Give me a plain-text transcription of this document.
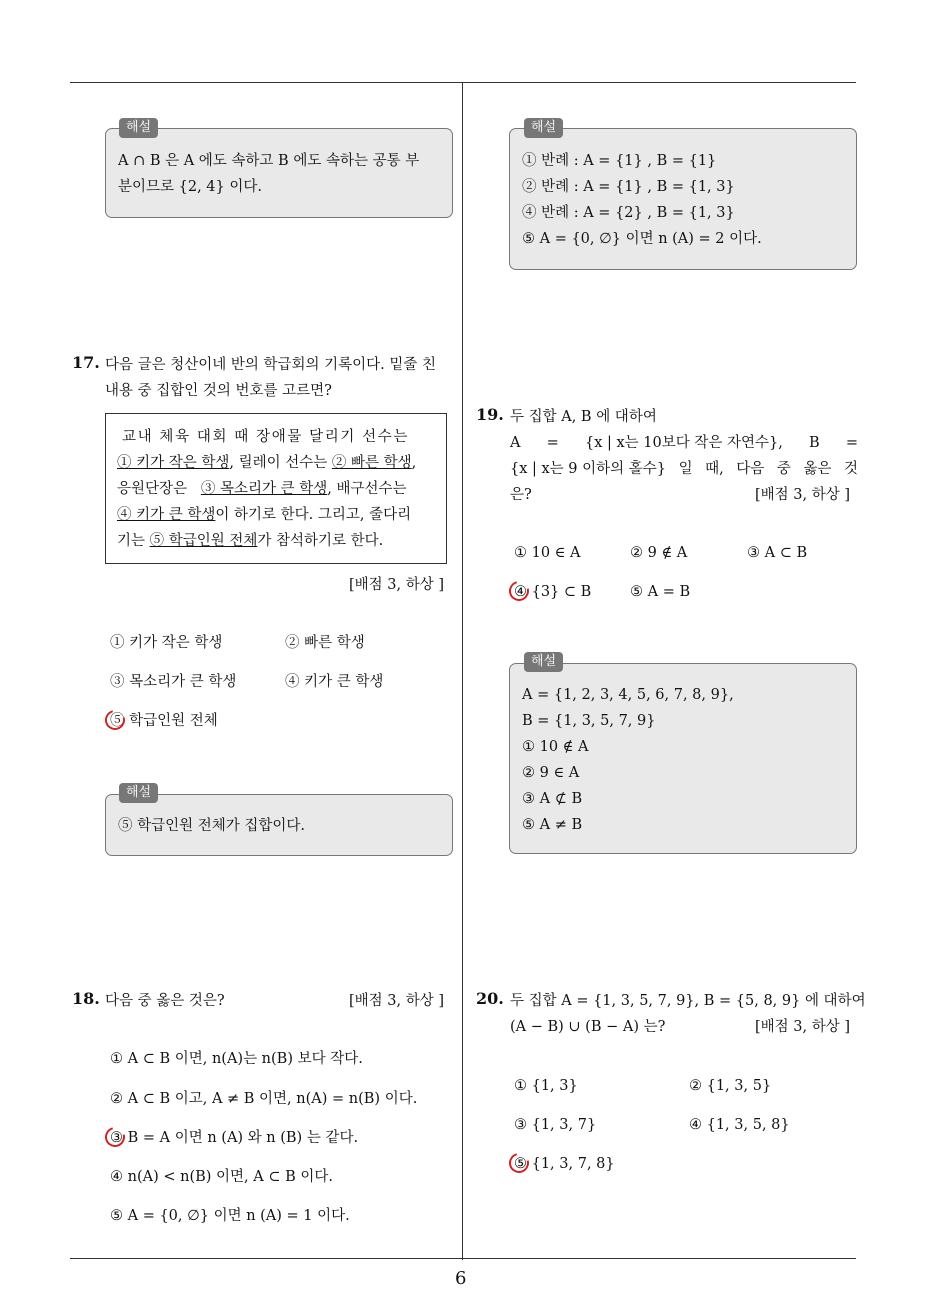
6
해설
A ∩ B 은 A 에도 속하고 B 에도 속하는 공통 부
분이므로 {2, 4} 이다.
17. 다음 글은 청산이네 반의 학급회의 기록이다. 밑줄 친
내용 중 집합인 것의 번호를 고르면?
교내 체육 대회 때 장애물 달리기 선수는
① 키가 작은 학생, 릴레이 선수는 ② 빠른 학생,
응원단장은   ③ 목소리가 큰 학생, 배구선수는
④ 키가 큰 학생이 하기로 한다. 그리고, 줄다리
기는 ⑤ 학급인원 전체가 참석하기로 한다.
[배점 3, 하상 ]
① 키가 작은 학생	② 빠른 학생
③ 목소리가 큰 학생	④ 키가 큰 학생
⑤ 학급인원 전체
해설
⑤ 학급인원 전체가 집합이다.
18. 다음 중 옳은 것은?	[배점 3, 하상 ]
① A ⊂ B 이면, n(A)는 n(B) 보다 작다.
② A ⊂ B 이고, A ≠ B 이면, n(A) = n(B) 이다.
③ B = A 이면 n (A) 와 n (B) 는 같다.
④ n(A) < n(B) 이면, A ⊂ B 이다.
⑤ A = {0, ∅} 이면 n (A) = 1 이다.
해설
① 반례 : A = {1} , B = {1}
② 반례 : A = {1} , B = {1, 3}
④ 반례 : A = {2} , B = {1, 3}
⑤ A = {0, ∅} 이면 n (A) = 2 이다.
19. 두 집합 A, B 에 대하여
A = {x | x는 10보다 작은 자연수}, B =
{x | x는 9 이하의 홀수} 일 때, 다음 중 옳은 것
은?	[배점 3, 하상 ]
① 10 ∈ A	② 9 ∉ A	③ A ⊂ B
④ {3} ⊂ B	⑤ A = B
해설
A = {1, 2, 3, 4, 5, 6, 7, 8, 9},
B = {1, 3, 5, 7, 9}
① 10 ∉ A
② 9 ∈ A
③ A ⊄ B
⑤ A ≠ B
20. 두 집합 A = {1, 3, 5, 7, 9}, B = {5, 8, 9} 에 대하여
(A − B) ∪ (B − A) 는?	[배점 3, 하상 ]
① {1, 3}	② {1, 3, 5}
③ {1, 3, 7}	④ {1, 3, 5, 8}
⑤ {1, 3, 7, 8}
